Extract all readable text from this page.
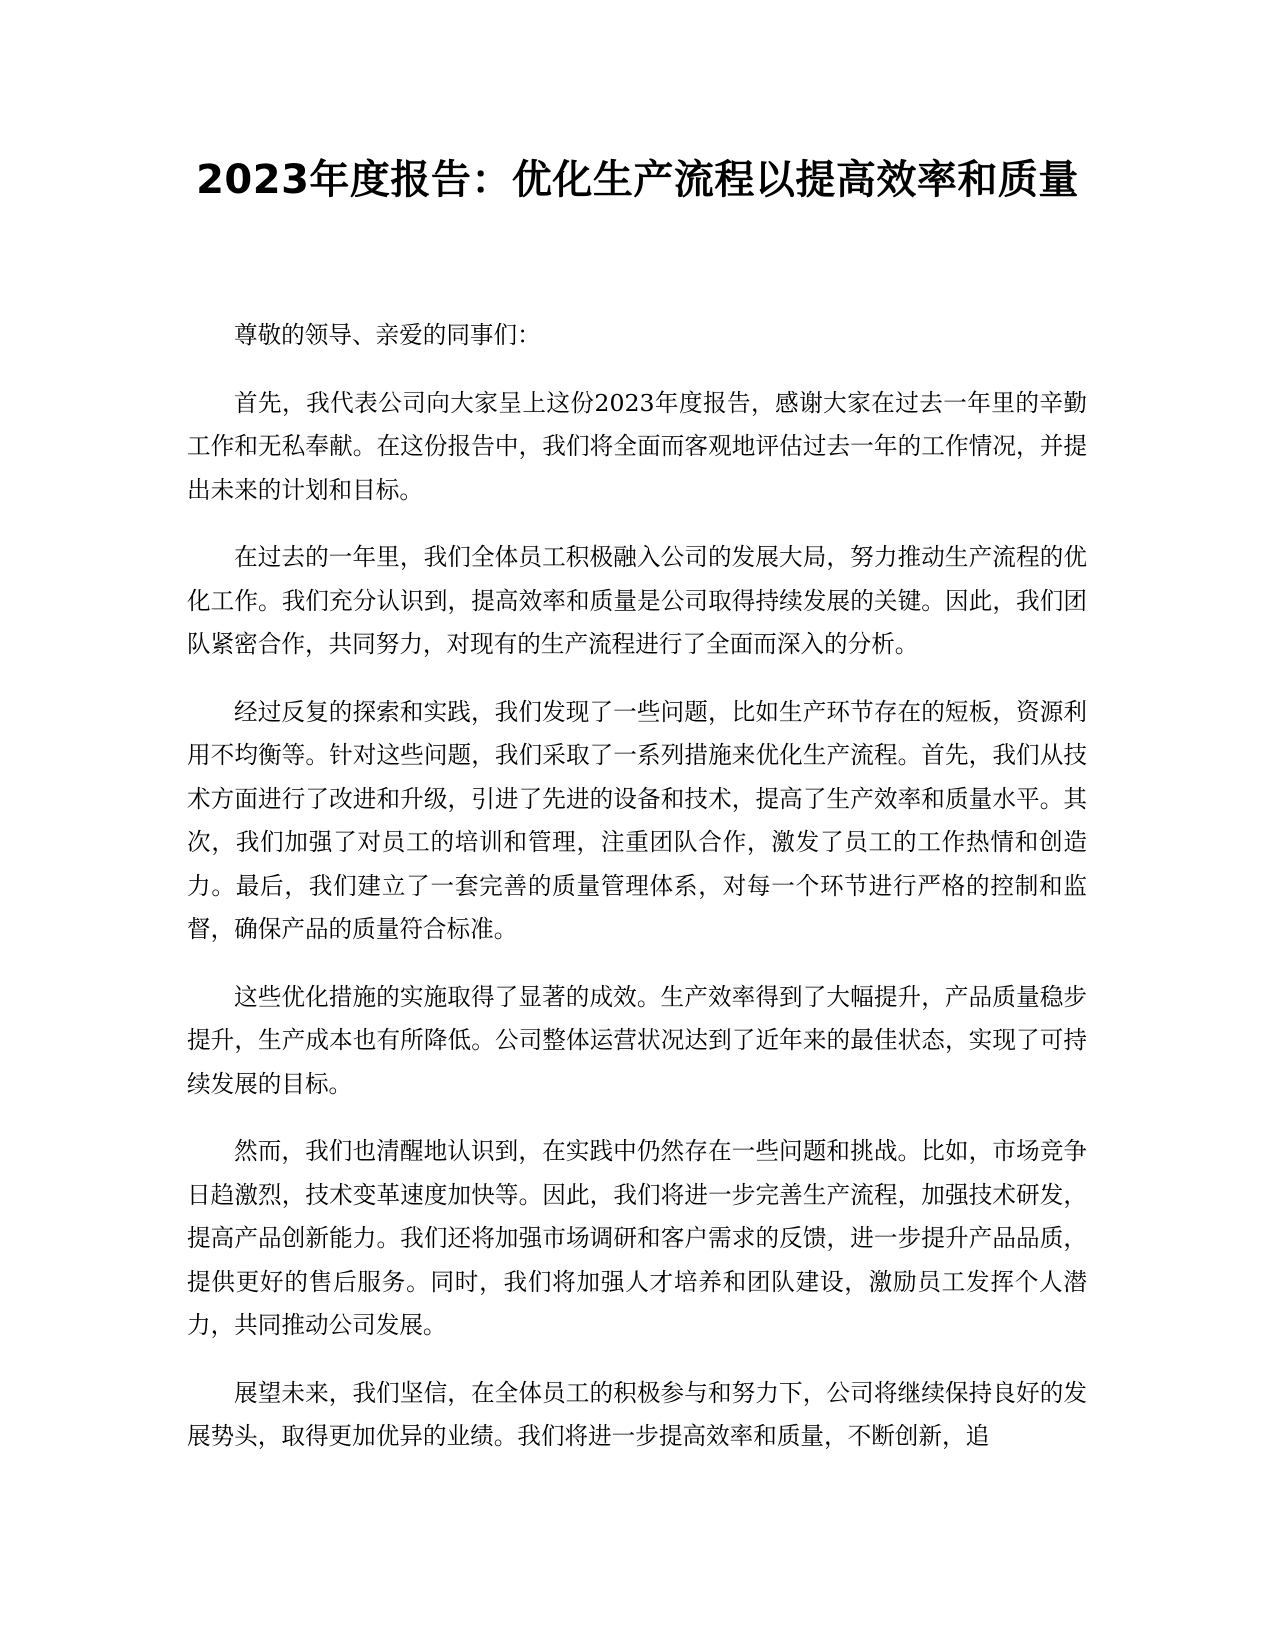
2023年度报告：优化生产流程以提高效率和质量

尊敬的领导、亲爱的同事们：

首先，我代表公司向大家呈上这份2023年度报告，感谢大家在过去一年里的辛勤工作和无私奉献。在这份报告中，我们将全面而客观地评估过去一年的工作情况，并提出未来的计划和目标。

在过去的一年里，我们全体员工积极融入公司的发展大局，努力推动生产流程的优化工作。我们充分认识到，提高效率和质量是公司取得持续发展的关键。因此，我们团队紧密合作，共同努力，对现有的生产流程进行了全面而深入的分析。

经过反复的探索和实践，我们发现了一些问题，比如生产环节存在的短板，资源利用不均衡等。针对这些问题，我们采取了一系列措施来优化生产流程。首先，我们从技术方面进行了改进和升级，引进了先进的设备和技术，提高了生产效率和质量水平。其次，我们加强了对员工的培训和管理，注重团队合作，激发了员工的工作热情和创造力。最后，我们建立了一套完善的质量管理体系，对每一个环节进行严格的控制和监督，确保产品的质量符合标准。

这些优化措施的实施取得了显著的成效。生产效率得到了大幅提升，产品质量稳步提升，生产成本也有所降低。公司整体运营状况达到了近年来的最佳状态，实现了可持续发展的目标。

然而，我们也清醒地认识到，在实践中仍然存在一些问题和挑战。比如，市场竞争日趋激烈，技术变革速度加快等。因此，我们将进一步完善生产流程，加强技术研发，提高产品创新能力。我们还将加强市场调研和客户需求的反馈，进一步提升产品品质，提供更好的售后服务。同时，我们将加强人才培养和团队建设，激励员工发挥个人潜力，共同推动公司发展。

展望未来，我们坚信，在全体员工的积极参与和努力下，公司将继续保持良好的发展势头，取得更加优异的业绩。我们将进一步提高效率和质量，不断创新，追
